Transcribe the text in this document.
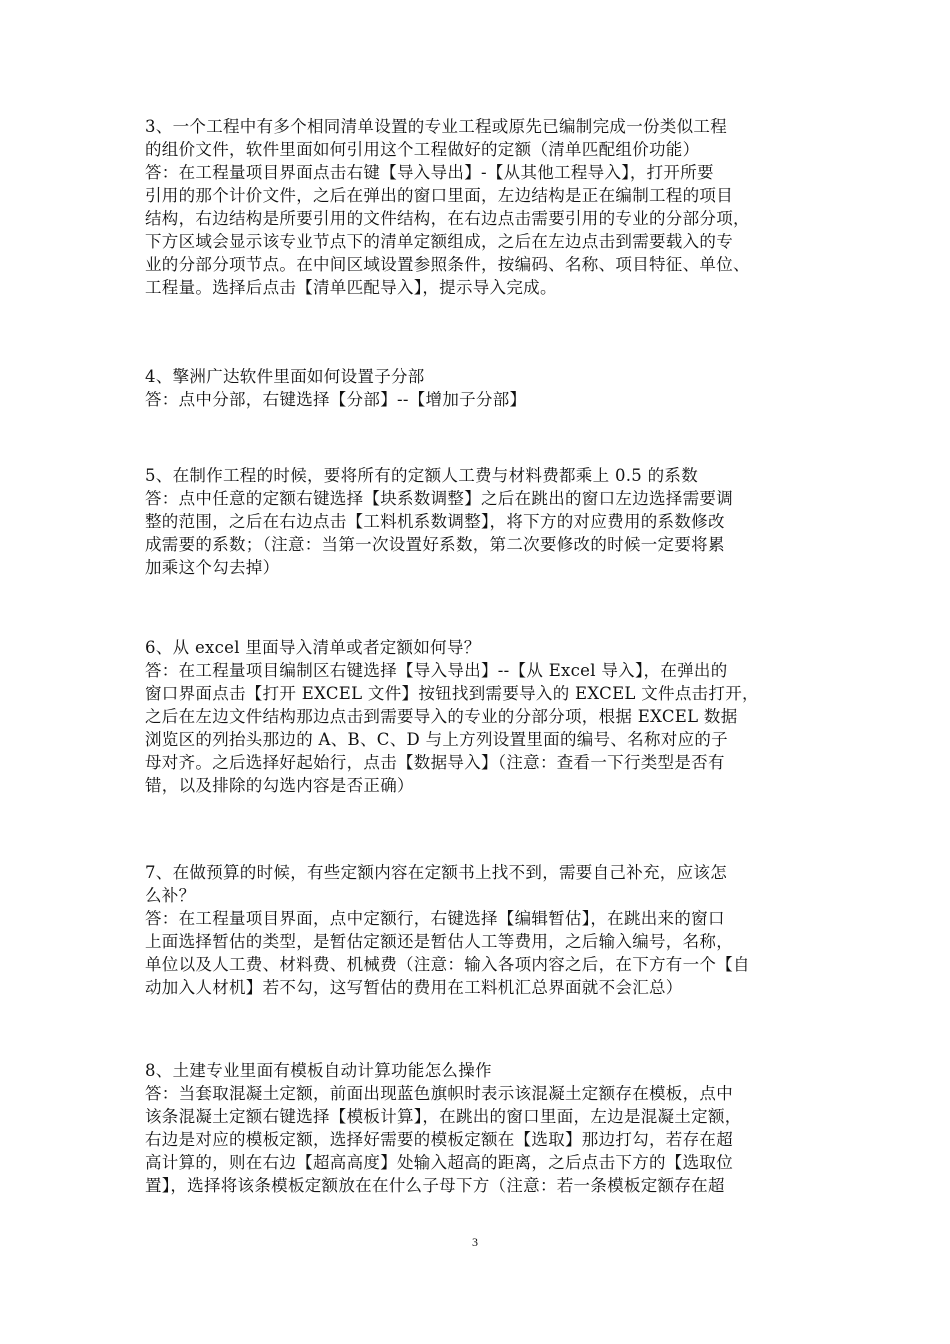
3、一个工程中有多个相同清单设置的专业工程或原先已编制完成一份类似工程
的组价文件，软件里面如何引用这个工程做好的定额（清单匹配组价功能）
答：在工程量项目界面点击右键【导入导出】-【从其他工程导入】，打开所要
引用的那个计价文件，之后在弹出的窗口里面，左边结构是正在编制工程的项目
结构，右边结构是所要引用的文件结构，在右边点击需要引用的专业的分部分项，
下方区域会显示该专业节点下的清单定额组成，之后在左边点击到需要载入的专
业的分部分项节点。在中间区域设置参照条件，按编码、名称、项目特征、单位、
工程量。选择后点击【清单匹配导入】，提示导入完成。
4、擎洲广达软件里面如何设置子分部
答：点中分部，右键选择【分部】--【增加子分部】
5、在制作工程的时候，要将所有的定额人工费与材料费都乘上 0.5 的系数
答：点中任意的定额右键选择【块系数调整】之后在跳出的窗口左边选择需要调
整的范围，之后在右边点击【工料机系数调整】，将下方的对应费用的系数修改
成需要的系数；（注意：当第一次设置好系数，第二次要修改的时候一定要将累
加乘这个勾去掉）
6、从 excel 里面导入清单或者定额如何导？
答：在工程量项目编制区右键选择【导入导出】--【从 Excel 导入】，在弹出的
窗口界面点击【打开 EXCEL 文件】按钮找到需要导入的 EXCEL 文件点击打开，
之后在左边文件结构那边点击到需要导入的专业的分部分项，根据 EXCEL 数据
浏览区的列抬头那边的 A、B、C、D 与上方列设置里面的编号、名称对应的子
母对齐。之后选择好起始行，点击【数据导入】（注意：查看一下行类型是否有
错，以及排除的勾选内容是否正确）
7、在做预算的时候，有些定额内容在定额书上找不到，需要自己补充，应该怎
么补？
答：在工程量项目界面，点中定额行，右键选择【编辑暂估】，在跳出来的窗口
上面选择暂估的类型，是暂估定额还是暂估人工等费用，之后输入编号，名称，
单位以及人工费、材料费、机械费（注意：输入各项内容之后，在下方有一个【自
动加入人材机】若不勾，这写暂估的费用在工料机汇总界面就不会汇总）
8、土建专业里面有模板自动计算功能怎么操作
答：当套取混凝土定额，前面出现蓝色旗帜时表示该混凝土定额存在模板，点中
该条混凝土定额右键选择【模板计算】，在跳出的窗口里面，左边是混凝土定额，
右边是对应的模板定额，选择好需要的模板定额在【选取】那边打勾，若存在超
高计算的，则在右边【超高高度】处输入超高的距离，之后点击下方的【选取位
置】，选择将该条模板定额放在在什么子母下方（注意：若一条模板定额存在超
3
